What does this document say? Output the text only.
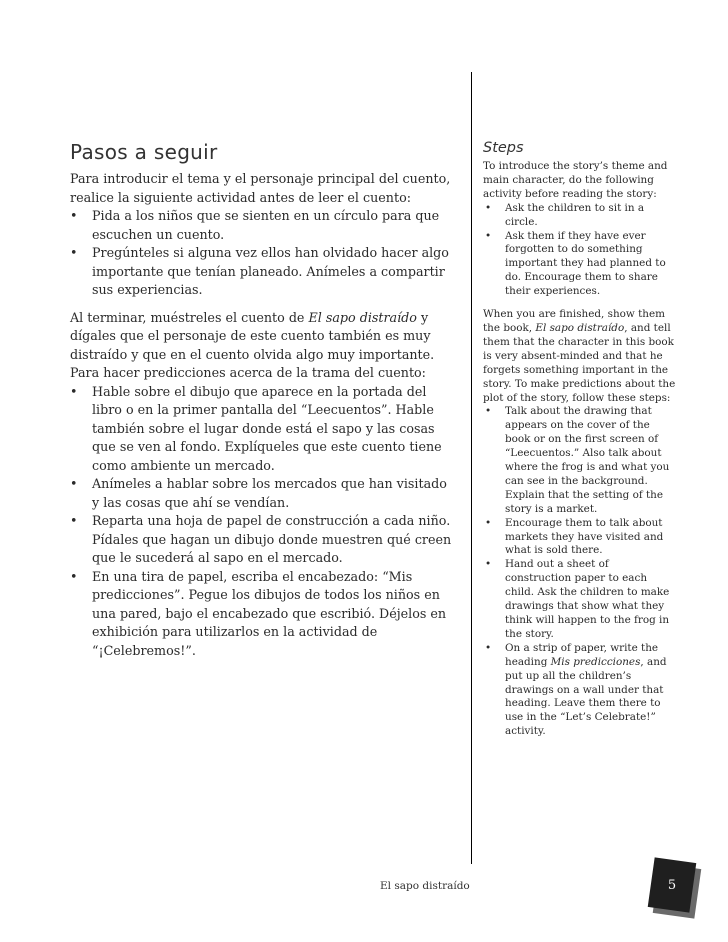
Pasos a seguir

Para introducir el tema y el personaje principal del cuento, realice la siguiente actividad antes de leer el cuento:

• Pida a los niños que se sienten en un círculo para que escuchen un cuento.
• Pregúnteles si alguna vez ellos han olvidado hacer algo importante que tenían planeado. Anímeles a compartir sus experiencias.

Al terminar, muéstreles el cuento de El sapo distraído y dígales que el personaje de este cuento también es muy distraído y que en el cuento olvida algo muy importante. Para hacer predicciones acerca de la trama del cuento:

• Hable sobre el dibujo que aparece en la portada del libro o en la primer pantalla del “Leecuentos”. Hable también sobre el lugar donde está el sapo y las cosas que se ven al fondo. Explíqueles que este cuento tiene como ambiente un mercado.
• Anímeles a hablar sobre los mercados que han visitado y las cosas que ahí se vendían.
• Reparta una hoja de papel de construcción a cada niño. Pídales que hagan un dibujo donde muestren qué creen que le sucederá al sapo en el mercado.
• En una tira de papel, escriba el encabezado: “Mis predicciones”. Pegue los dibujos de todos los niños en una pared, bajo el encabezado que escribió. Déjelos en exhibición para utilizarlos en la actividad de “¡Celebremos!”.
Steps

To introduce the story’s theme and main character, do the following activity before reading the story:

• Ask the children to sit in a circle.
• Ask them if they have ever forgotten to do something important they had planned to do. Encourage them to share their experiences.

When you are finished, show them the book, El sapo distraído, and tell them that the character in this book is very absent-minded and that he forgets something important in the story. To make predictions about the plot of the story, follow these steps:

• Talk about the drawing that appears on the cover of the book or on the first screen of “Leecuentos.” Also talk about where the frog is and what you can see in the background. Explain that the setting of the story is a market.
• Encourage them to talk about markets they have visited and what is sold there.
• Hand out a sheet of construction paper to each child. Ask the children to make drawings that show what they think will happen to the frog in the story.
• On a strip of paper, write the heading Mis predicciones, and put up all the children’s drawings on a wall under that heading. Leave them there to use in the “Let’s Celebrate!” activity.
El sapo distraído	5
